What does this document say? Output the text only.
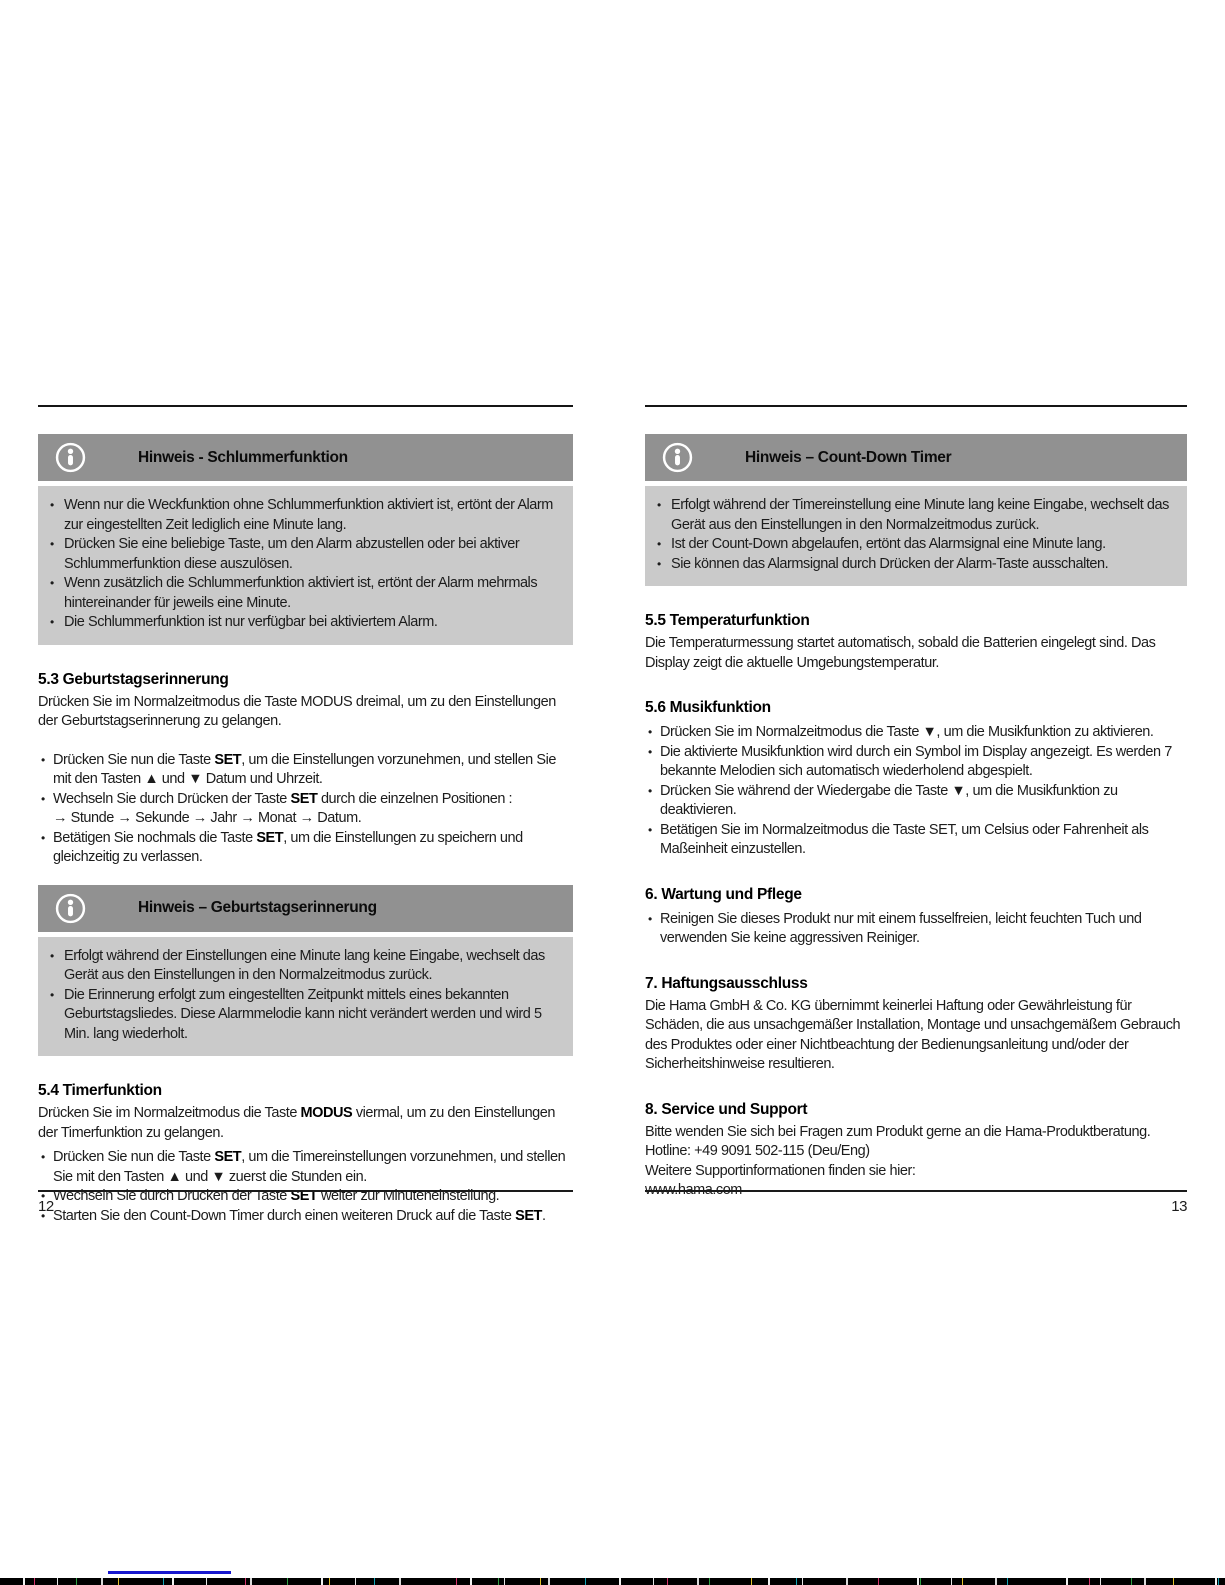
Hinweis - Schlummerfunktion
• Wenn nur die Weckfunktion ohne Schlummerfunktion aktiviert ist, ertönt der Alarm zur eingestellten Zeit lediglich eine Minute lang.
• Drücken Sie eine beliebige Taste, um den Alarm abzustellen oder bei aktiver Schlummerfunktion diese auszulösen.
• Wenn zusätzlich die Schlummerfunktion aktiviert ist, ertönt der Alarm mehrmals hintereinander für jeweils eine Minute.
• Die Schlummerfunktion ist nur verfügbar bei aktiviertem Alarm.
5.3 Geburtstagserinnerung

Drücken Sie im Normalzeitmodus die Taste MODUS dreimal, um zu den Einstellungen der Geburtstagserinnerung zu gelangen.

• Drücken Sie nun die Taste SET, um die Einstellungen vorzunehmen, und stellen Sie mit den Tasten ▲ und ▼ Datum und Uhrzeit.
• Wechseln Sie durch Drücken der Taste SET durch die einzelnen Positionen :
→ Stunde → Sekunde → Jahr → Monat → Datum.
• Betätigen Sie nochmals die Taste SET, um die Einstellungen zu speichern und gleichzeitig zu verlassen.
Hinweis – Geburtstagserinnerung
• Erfolgt während der Einstellungen eine Minute lang keine Eingabe, wechselt das Gerät aus den Einstellungen in den Normalzeitmodus zurück.
• Die Erinnerung erfolgt zum eingestellten Zeitpunkt mittels eines bekannten Geburtstagsliedes. Diese Alarmmelodie kann nicht verändert werden und wird 5 Min. lang wiederholt.
5.4 Timerfunktion

Drücken Sie im Normalzeitmodus die Taste MODUS viermal, um zu den Einstellungen der Timerfunktion zu gelangen.

• Drücken Sie nun die Taste SET, um die Timereinstellungen vorzunehmen, und stellen Sie mit den Tasten ▲ und ▼ zuerst die Stunden ein.
• Wechseln Sie durch Drücken der Taste SET weiter zur Minuteneinstellung.
• Starten Sie den Count-Down Timer durch einen weiteren Druck auf die Taste SET.
12
Hinweis – Count-Down Timer
• Erfolgt während der Timereinstellung eine Minute lang keine Eingabe, wechselt das Gerät aus den Einstellungen in den Normalzeitmodus zurück.
• Ist der Count-Down abgelaufen, ertönt das Alarmsignal eine Minute lang.
• Sie können das Alarmsignal durch Drücken der Alarm-Taste ausschalten.
5.5 Temperaturfunktion

Die Temperaturmessung startet automatisch, sobald die Batterien eingelegt sind. Das Display zeigt die aktuelle Umgebungstemperatur.

5.6 Musikfunktion
• Drücken Sie im Normalzeitmodus die Taste ▼, um die Musikfunktion zu aktivieren.
• Die aktivierte Musikfunktion wird durch ein Symbol im Display angezeigt. Es werden 7 bekannte Melodien sich automatisch wiederholend abgespielt.
• Drücken Sie während der Wiedergabe die Taste ▼, um die Musikfunktion zu deaktivieren.
• Betätigen Sie im Normalzeitmodus die Taste SET, um Celsius oder Fahrenheit als Maßeinheit einzustellen.
6. Wartung und Pflege
• Reinigen Sie dieses Produkt nur mit einem fusselfreien, leicht feuchten Tuch und verwenden Sie keine aggressiven Reiniger.
7. Haftungsausschluss

Die Hama GmbH & Co. KG übernimmt keinerlei Haftung oder Gewährleistung für Schäden, die aus unsachgemäßer Installation, Montage und unsachgemäßem Gebrauch des Produktes oder einer Nichtbeachtung der Bedienungsanleitung und/oder der Sicherheitshinweise resultieren.

8. Service und Support

Bitte wenden Sie sich bei Fragen zum Produkt gerne an die Hama-Produktberatung.

Hotline: +49 9091 502-115 (Deu/Eng)

Weitere Supportinformationen finden sie hier:

www.hama.com

13
